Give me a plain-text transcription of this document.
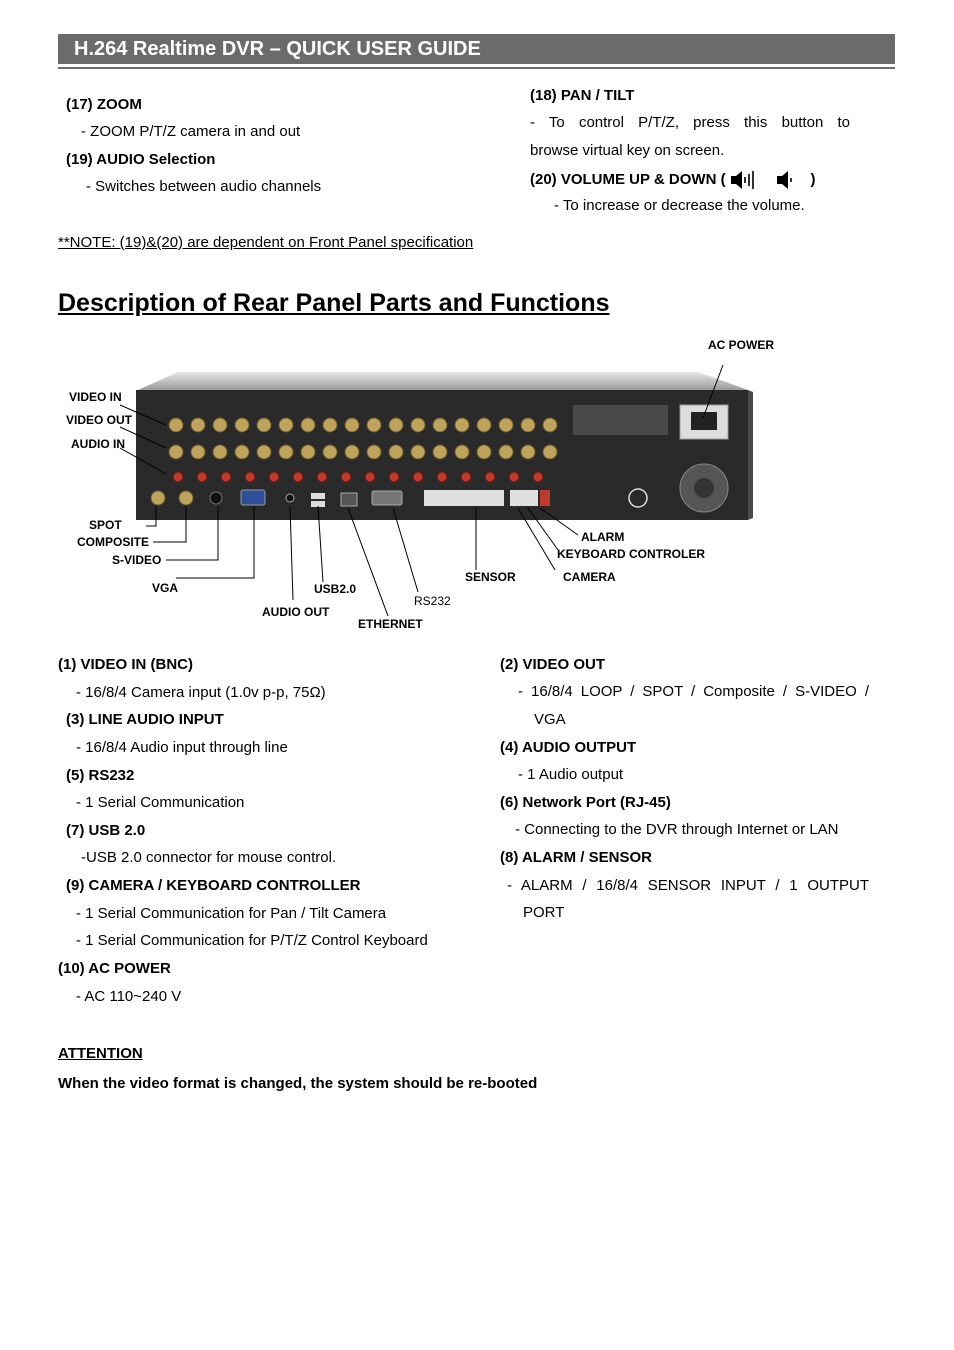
H.264 Realtime DVR – QUICK USER GUIDE
(17) ZOOM
- ZOOM P/T/Z camera in and out
(19) AUDIO Selection
- Switches between audio channels
(18) PAN / TILT
- To control P/T/Z, press this button to
browse virtual key on screen.
(20) VOLUME UP & DOWN (	)
- To increase or decrease the volume.
**NOTE: (19)&(20) are dependent on Front Panel specification
Description of Rear Panel Parts and Functions
AC POWER
VIDEO IN
VIDEO OUT
AUDIO IN
SPOT
COMPOSITE
S-VIDEO
VGA
AUDIO OUT
USB2.0
ETHERNET
RS232
SENSOR	CAMERA
ALARM
KEYBOARD CONTROLER
(1) VIDEO IN (BNC)
- 16/8/4 Camera input (1.0v p-p, 75Ω)
(3) LINE AUDIO INPUT
- 16/8/4 Audio input through line
(5) RS232
- 1 Serial Communication
(7) USB 2.0
-USB 2.0 connector for mouse control.
(9) CAMERA / KEYBOARD CONTROLLER
- 1 Serial Communication for Pan / Tilt Camera
- 1 Serial Communication for P/T/Z Control Keyboard
(10) AC POWER
- AC 110~240 V
(2) VIDEO OUT
- 16/8/4 LOOP / SPOT / Composite / S-VIDEO /
VGA
(4) AUDIO OUTPUT
- 1 Audio output
(6) Network Port (RJ-45)
- Connecting to the DVR through Internet or LAN
(8) ALARM / SENSOR
- ALARM / 16/8/4 SENSOR INPUT / 1 OUTPUT
PORT
ATTENTION
When the video format is changed, the system should be re-booted
